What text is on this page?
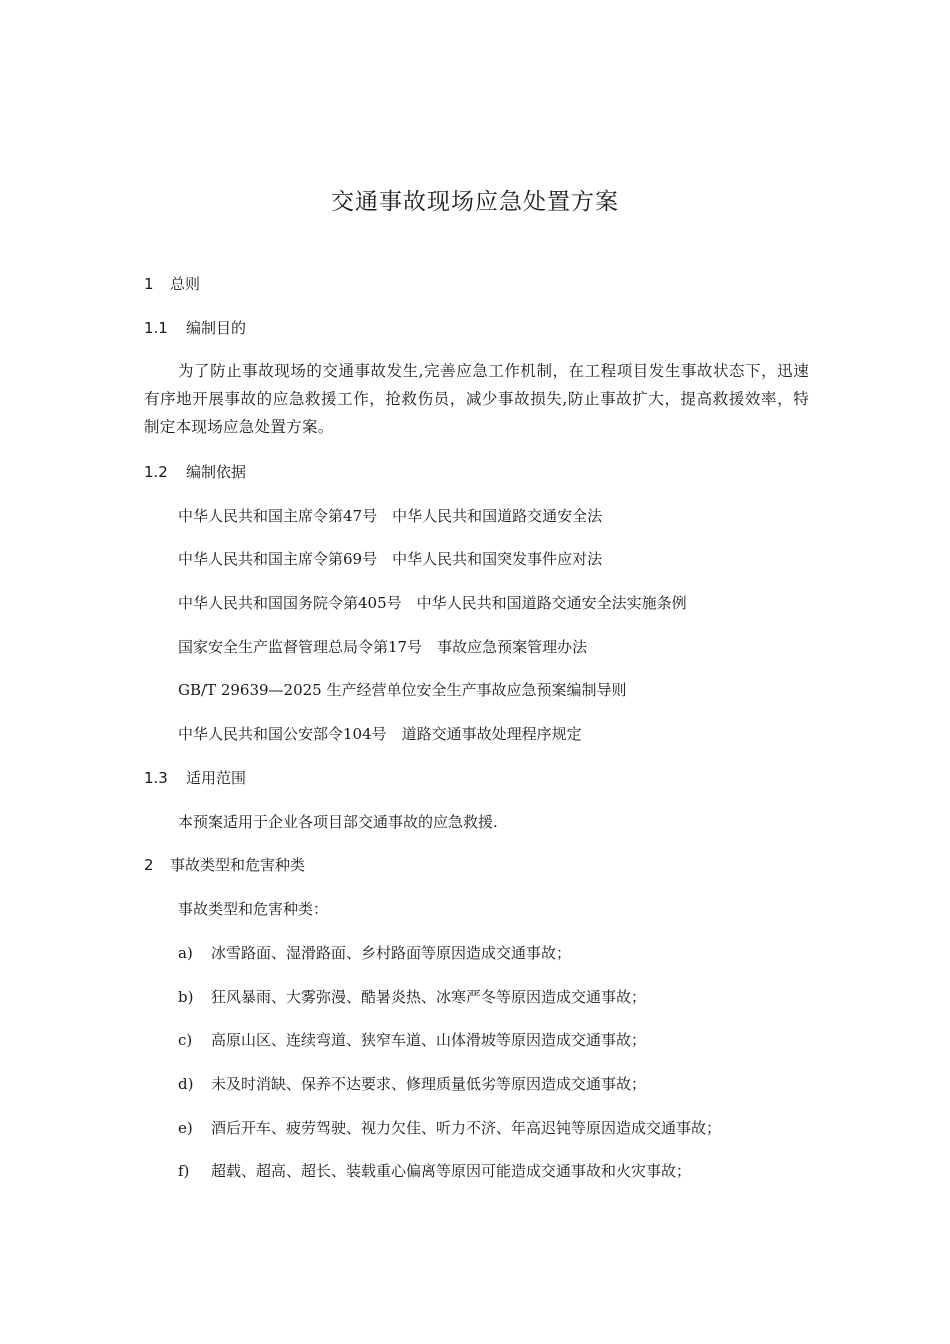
交通事故现场应急处置方案
1 总则
1.1 编制目的

为了防止事故现场的交通事故发生,完善应急工作机制，在工程项目发生事故状态下，迅速有序地开展事故的应急救援工作，抢救伤员，减少事故损失,防止事故扩大，提高救援效率，特制定本现场应急处置方案。

1.2 编制依据
中华人民共和国主席令第47号　中华人民共和国道路交通安全法
中华人民共和国主席令第69号　中华人民共和国突发事件应对法
中华人民共和国国务院令第405号　中华人民共和国道路交通安全法实施条例
国家安全生产监督管理总局令第17号　事故应急预案管理办法
GB/T 29639—2025 生产经营单位安全生产事故应急预案编制导则
中华人民共和国公安部令104号　道路交通事故处理程序规定
1.3 适用范围
本预案适用于企业各项目部交通事故的应急救援.
2 事故类型和危害种类
事故类型和危害种类：
a) 冰雪路面、湿滑路面、乡村路面等原因造成交通事故；
b) 狂风暴雨、大雾弥漫、酷暑炎热、冰寒严冬等原因造成交通事故；
c) 高原山区、连续弯道、狭窄车道、山体滑坡等原因造成交通事故；
d) 未及时消缺、保养不达要求、修理质量低劣等原因造成交通事故；
e) 酒后开车、疲劳驾驶、视力欠佳、听力不济、年高迟钝等原因造成交通事故；
f) 超载、超高、超长、装载重心偏离等原因可能造成交通事故和火灾事故；
